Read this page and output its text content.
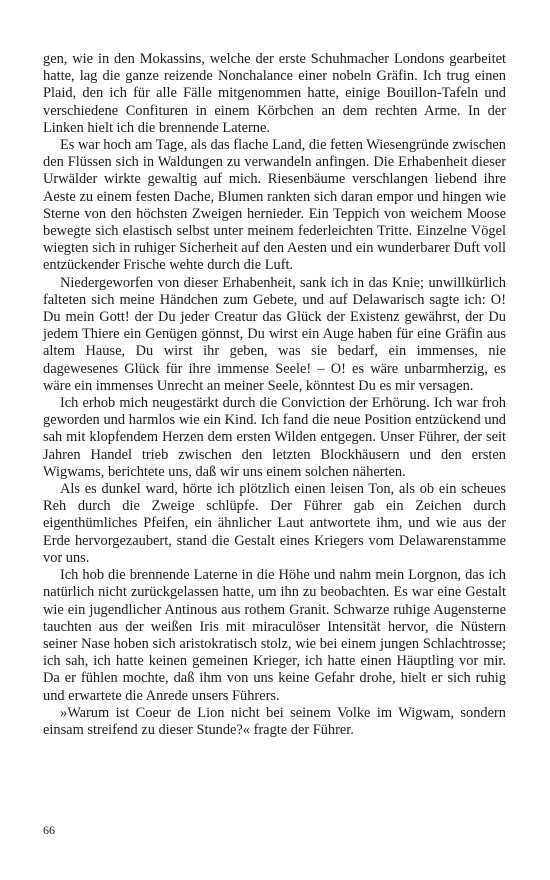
gen, wie in den Mokassins, welche der erste Schuhmacher Londons gearbeitet hatte, lag die ganze reizende Nonchalance einer nobeln Gräfin. Ich trug einen Plaid, den ich für alle Fälle mitgenommen hatte, einige Bouillon-Tafeln und verschiedene Confituren in einem Körbchen an dem rechten Arme. In der Linken hielt ich die brennende Laterne.

Es war hoch am Tage, als das flache Land, die fetten Wiesengründe zwischen den Flüssen sich in Waldungen zu verwandeln anfingen. Die Erhabenheit dieser Urwälder wirkte gewaltig auf mich. Riesenbäume verschlangen liebend ihre Aeste zu einem festen Dache, Blumen rankten sich daran empor und hingen wie Sterne von den höchsten Zweigen hernieder. Ein Teppich von weichem Moose bewegte sich elastisch selbst unter meinem federleichten Tritte. Einzelne Vögel wiegten sich in ruhiger Sicherheit auf den Aesten und ein wunderbarer Duft voll entzückender Frische wehte durch die Luft.

Niedergeworfen von dieser Erhabenheit, sank ich in das Knie; unwillkürlich falteten sich meine Händchen zum Gebete, und auf Delawarisch sagte ich: O! Du mein Gott! der Du jeder Creatur das Glück der Existenz gewährst, der Du jedem Thiere ein Genügen gönnst, Du wirst ein Auge haben für eine Gräfin aus altem Hause, Du wirst ihr geben, was sie bedarf, ein immenses, nie dagewesenes Glück für ihre immense Seele! – O! es wäre unbarmherzig, es wäre ein immenses Unrecht an meiner Seele, könntest Du es mir versagen.

Ich erhob mich neugestärkt durch die Conviction der Erhörung. Ich war froh geworden und harmlos wie ein Kind. Ich fand die neue Position entzückend und sah mit klopfendem Herzen dem ersten Wilden entgegen. Unser Führer, der seit Jahren Handel trieb zwischen den letzten Blockhäusern und den ersten Wigwams, berichtete uns, daß wir uns einem solchen näherten.

Als es dunkel ward, hörte ich plötzlich einen leisen Ton, als ob ein scheues Reh durch die Zweige schlüpfe. Der Führer gab ein Zeichen durch eigenthümliches Pfeifen, ein ähnlicher Laut antwortete ihm, und wie aus der Erde hervorgezaubert, stand die Gestalt eines Kriegers vom Delawarenstamme vor uns.

Ich hob die brennende Laterne in die Höhe und nahm mein Lorgnon, das ich natürlich nicht zurückgelassen hatte, um ihn zu beobachten. Es war eine Gestalt wie ein jugendlicher Antinous aus rothem Granit. Schwarze ruhige Augensterne tauchten aus der weißen Iris mit miraculöser Intensität hervor, die Nüstern seiner Nase hoben sich aristokratisch stolz, wie bei einem jungen Schlachtrosse; ich sah, ich hatte keinen gemeinen Krieger, ich hatte einen Häuptling vor mir. Da er fühlen mochte, daß ihm von uns keine Gefahr drohe, hielt er sich ruhig und erwartete die Anrede unsers Führers.

»Warum ist Coeur de Lion nicht bei seinem Volke im Wigwam, sondern einsam streifend zu dieser Stunde?« fragte der Führer.

66
